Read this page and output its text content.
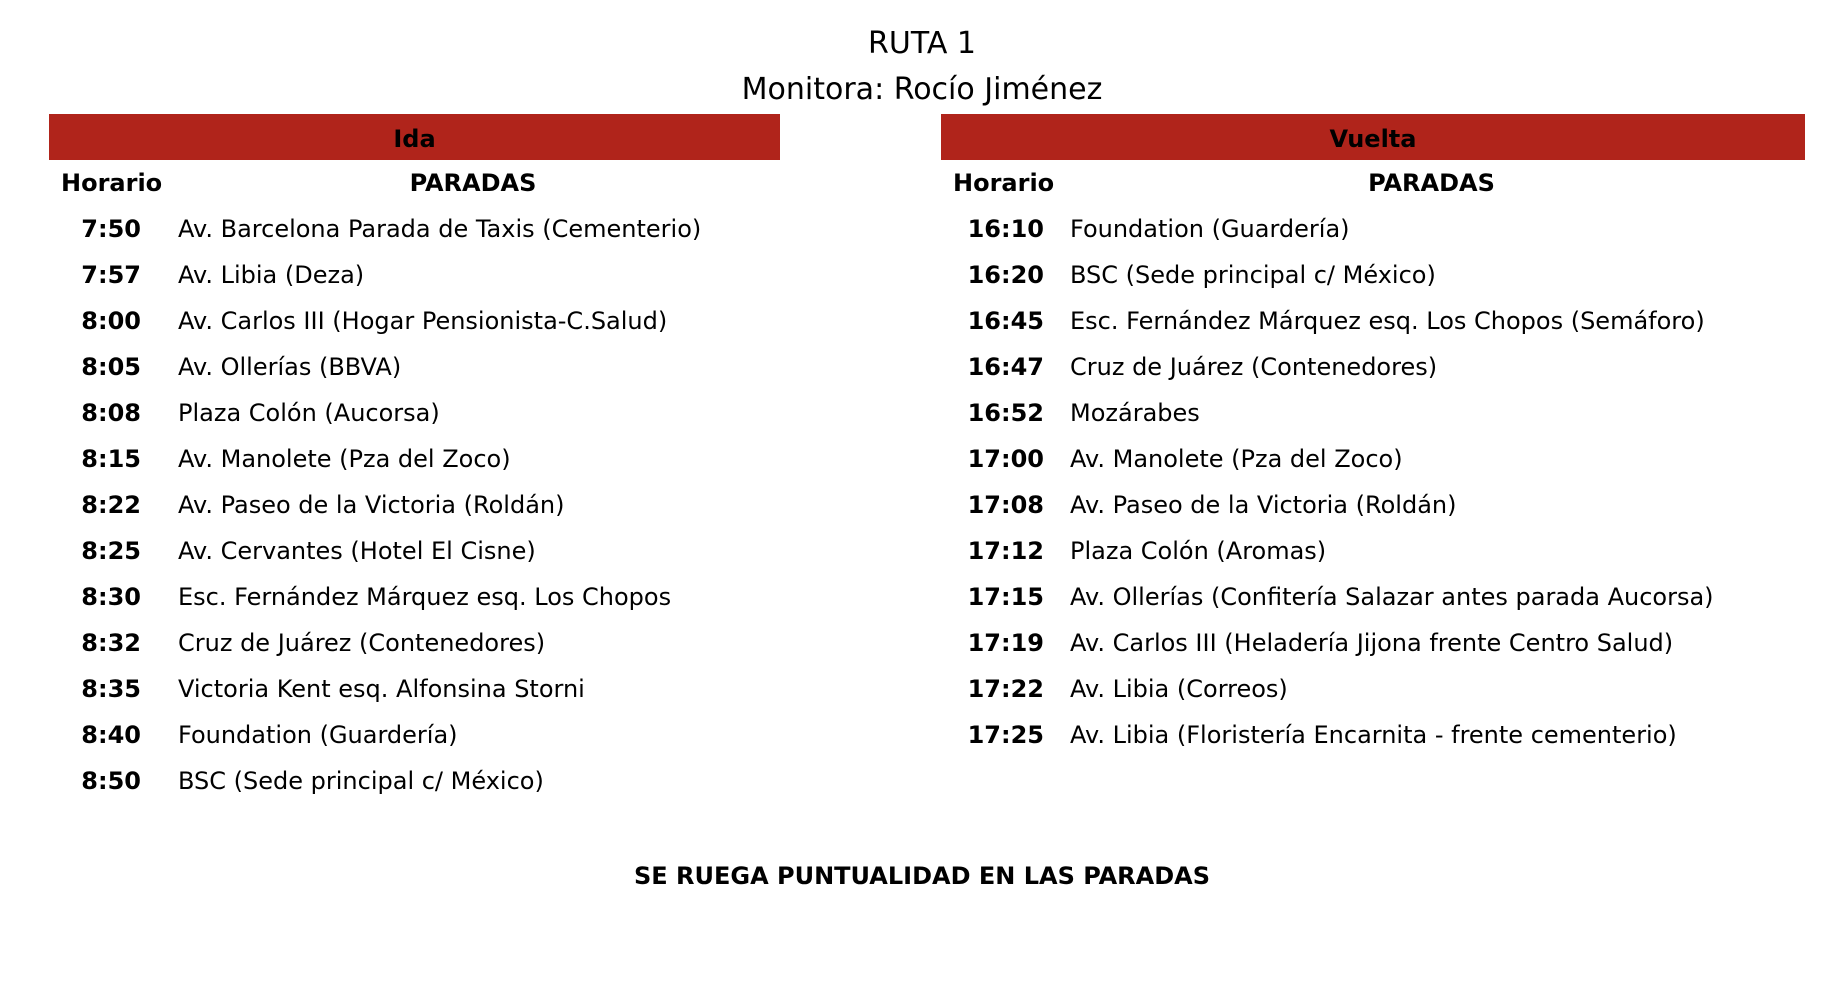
RUTA 1
Monitora: Rocío Jiménez
Ida
Horario	PARADAS
7:50 Av. Barcelona Parada de Taxis (Cementerio)
7:57 Av. Libia (Deza)
8:00 Av. Carlos III (Hogar Pensionista-C.Salud)
8:05 Av. Ollerías (BBVA)
8:08 Plaza Colón (Aucorsa)
8:15 Av. Manolete (Pza del Zoco)
8:22 Av. Paseo de la Victoria (Roldán)
8:25 Av. Cervantes (Hotel El Cisne)
8:30 Esc. Fernández Márquez esq. Los Chopos
8:32 Cruz de Juárez (Contenedores)
8:35 Victoria Kent esq. Alfonsina Storni
8:40 Foundation (Guardería)
8:50 BSC (Sede principal c/ México)
Vuelta
Horario	PARADAS
16:10 Foundation (Guardería)
16:20 BSC (Sede principal c/ México)
16:45 Esc. Fernández Márquez esq. Los Chopos (Semáforo)
16:47 Cruz de Juárez (Contenedores)
16:52 Mozárabes
17:00 Av. Manolete (Pza del Zoco)
17:08 Av. Paseo de la Victoria (Roldán)
17:12 Plaza Colón (Aromas)
17:15 Av. Ollerías (Confitería Salazar antes parada Aucorsa)
17:19 Av. Carlos III (Heladería Jijona frente Centro Salud)
17:22 Av. Libia (Correos)
17:25 Av. Libia (Floristería Encarnita - frente cementerio)
SE RUEGA PUNTUALIDAD EN LAS PARADAS
